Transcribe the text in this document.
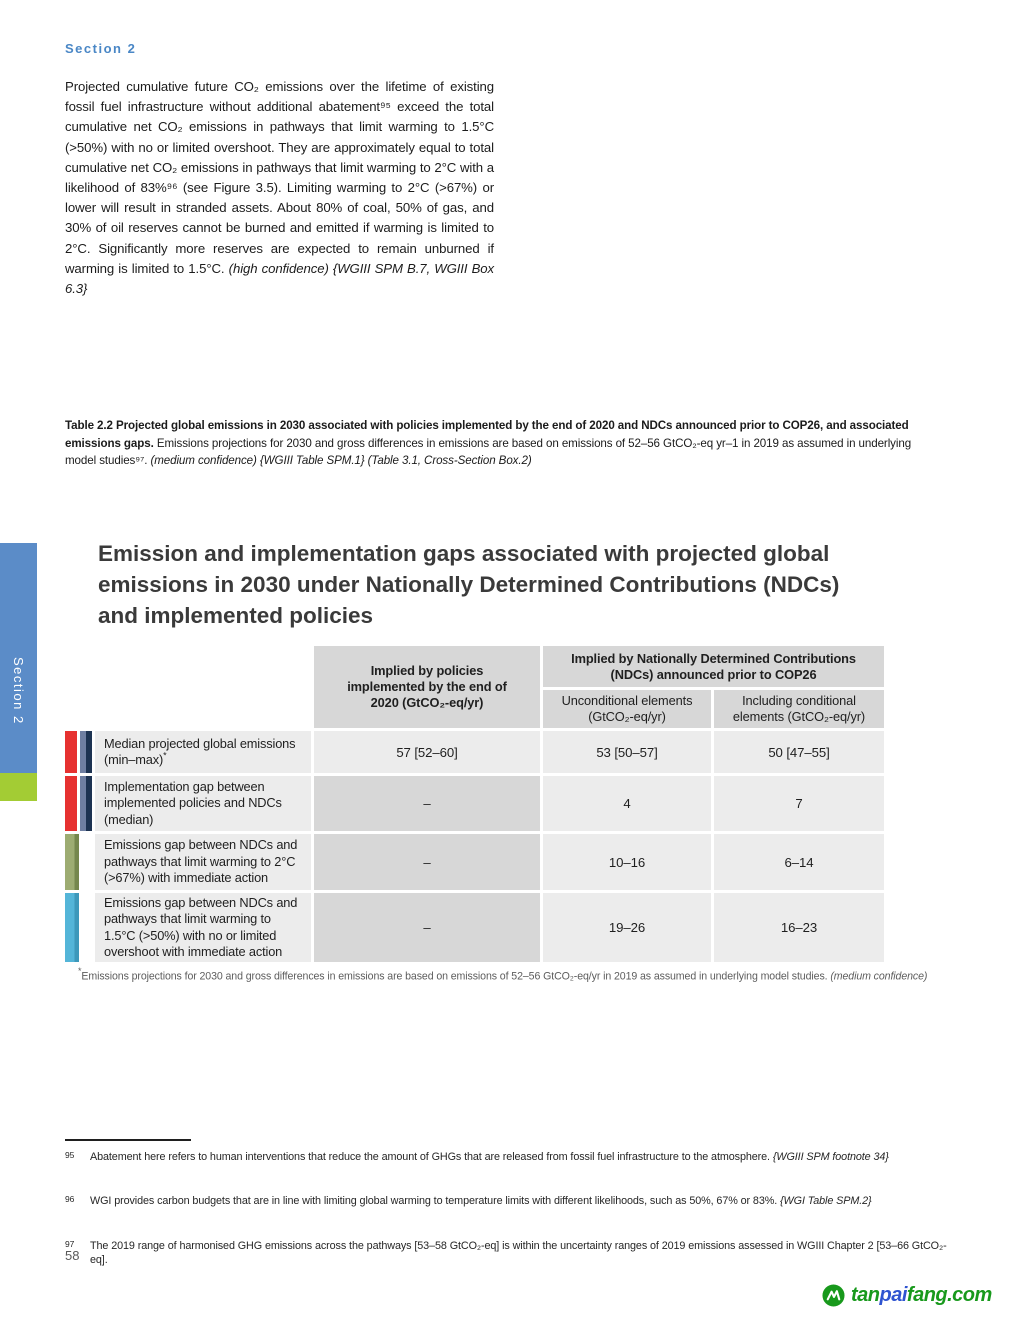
Section 2
Section 2

Projected cumulative future CO₂ emissions over the lifetime of existing fossil fuel infrastructure without additional abatement⁹⁵ exceed the total cumulative net CO₂ emissions in pathways that limit warming to 1.5°C (>50%) with no or limited overshoot. They are approximately equal to total cumulative net CO₂ emissions in pathways that limit warming to 2°C with a likelihood of 83%⁹⁶ (see Figure 3.5). Limiting warming to 2°C (>67%) or lower will result in stranded assets. About 80% of coal, 50% of gas, and 30% of oil reserves cannot be burned and emitted if warming is limited to 2°C. Significantly more reserves are expected to remain unburned if warming is limited to 1.5°C. (high confidence) {WGIII SPM B.7, WGIII Box 6.3}

Table 2.2 Projected global emissions in 2030 associated with policies implemented by the end of 2020 and NDCs announced prior to COP26, and associated emissions gaps. Emissions projections for 2030 and gross differences in emissions are based on emissions of 52–56 GtCO₂-eq yr–1 in 2019 as assumed in underlying model studies⁹⁷. (medium confidence) {WGIII Table SPM.1} (Table 3.1, Cross-Section Box.2)

Emission and implementation gaps associated with projected global emissions in 2030 under Nationally Determined Contributions (NDCs) and implemented policies
Implied by policies implemented by the end of 2020 (GtCO₂-eq/yr)
Implied by Nationally Determined Contributions (NDCs) announced prior to COP26
Unconditional elements (GtCO₂-eq/yr)
Including conditional elements (GtCO₂-eq/yr)
Median projected global emissions (min–max)*	57 [52–60]	53 [50–57]	50 [47–55]
Implementation gap between implemented policies and NDCs (median)
–	4	7
Emissions gap between NDCs and pathways that limit warming to 2°C (>67%) with immediate action
–	10–16	6–14
Emissions gap between NDCs and pathways that limit warming to 1.5°C (>50%) with no or limited overshoot with immediate action
–	19–26	16–23
*Emissions projections for 2030 and gross differences in emissions are based on emissions of 52–56 GtCO₂-eq/yr in 2019 as assumed in underlying model studies. (medium confidence)
95	Abatement here refers to human interventions that reduce the amount of GHGs that are released from fossil fuel infrastructure to the atmosphere. {WGIII SPM footnote 34}
96	WGI provides carbon budgets that are in line with limiting global warming to temperature limits with different likelihoods, such as 50%, 67% or 83%. {WGI Table SPM.2}
97	The 2019 range of harmonised GHG emissions across the pathways [53–58 GtCO₂-eq] is within the uncertainty ranges of 2019 emissions assessed in WGIII Chapter 2 [53–66 GtCO₂-eq].
58
tanpaifang.com
